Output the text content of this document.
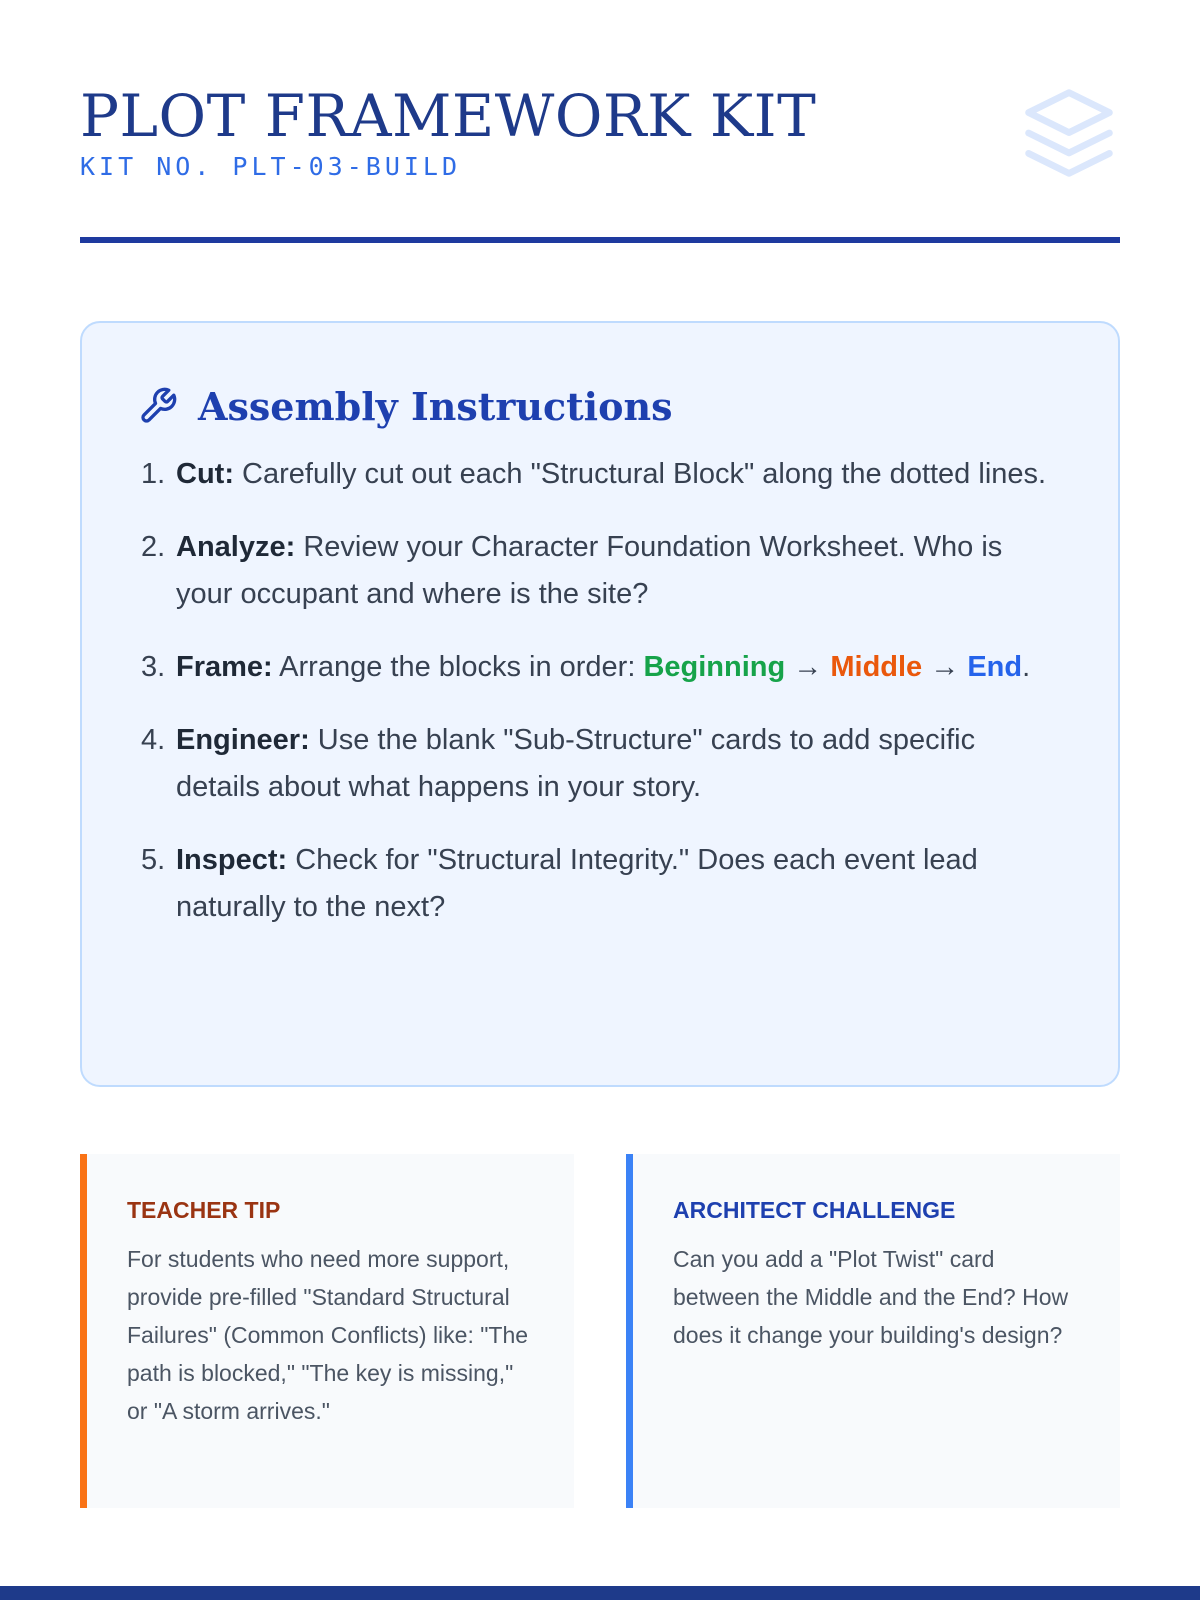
PLOT FRAMEWORK KIT
KIT NO. PLT-03-BUILD
Assembly Instructions
1. Cut: Carefully cut out each "Structural Block" along the dotted lines.
2. Analyze: Review your Character Foundation Worksheet. Who is your occupant and where is the site?
3. Frame: Arrange the blocks in order: Beginning → Middle → End.
4. Engineer: Use the blank "Sub-Structure" cards to add specific details about what happens in your story.
5. Inspect: Check for "Structural Integrity." Does each event lead naturally to the next?
TEACHER TIP

For students who need more support, provide pre-filled "Standard Structural Failures" (Common Conflicts) like: "The path is blocked," "The key is missing," or "A storm arrives."

ARCHITECT CHALLENGE

Can you add a "Plot Twist" card between the Middle and the End? How does it change your building's design?
